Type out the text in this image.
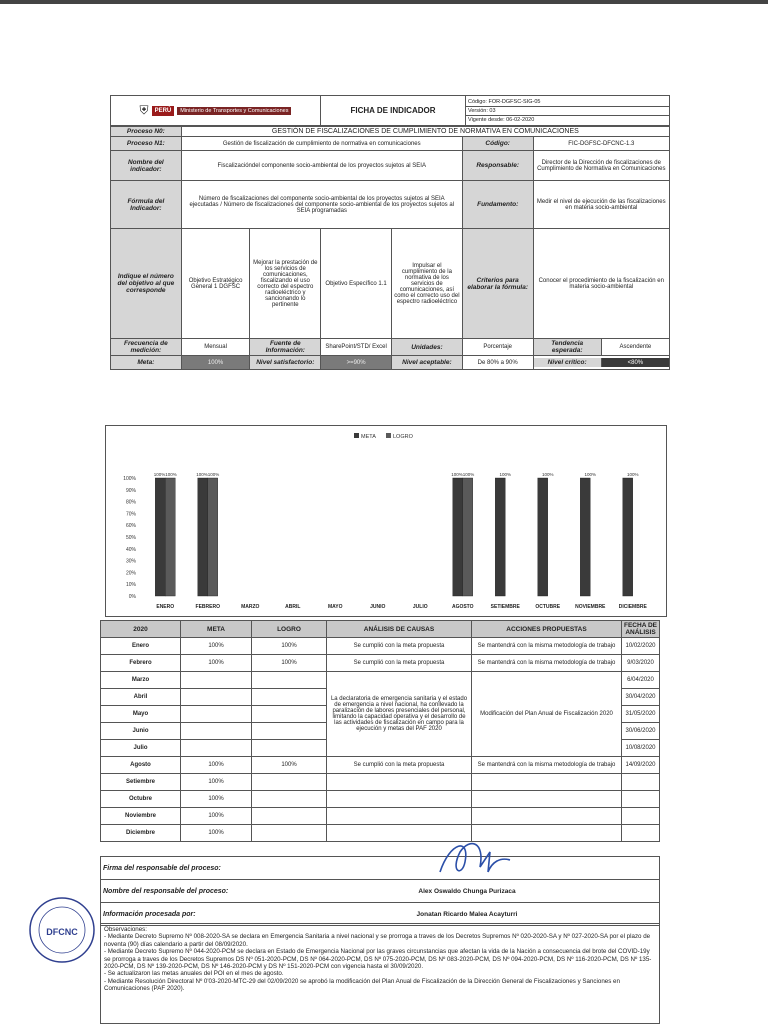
⛨	PERÚ	Ministerio de Transportes y Comunicaciones	FICHA DE INDICADOR	
Código: FOR-DGFSC-SIG-05
Versión: 03
Vigente desde: 06-02-2020
Proceso N0:	GESTIÓN DE FISCALIZACIONES DE CUMPLIMIENTO DE NORMATIVA EN COMUNICACIONES
Proceso N1:	Gestión de fiscalización de cumplimiento de normativa en comunicaciones	Código:	FIC-DGFSC-DFCNC-1.3
Nombre del indicador:	Fiscalizacióndel componente socio-ambiental de los proyectos sujetos al SEIA	Responsable:	Director de la Dirección de fiscalizaciones de Cumplimiento de Normativa en Comunicaciones
Fórmula del Indicador:	Número de fiscalizaciones del componente socio-ambiental de los proyectos sujetos al SEIA ejecutadas / Número de fiscalizaciones del componente socio-ambiental de los proyectos sujetos al SEIA programadas	Fundamento:	Medir el nivel de ejecución de las fiscalizaciones en materia socio-ambiental
Indique el número del objetivo al que corresponde	Objetivo Estratégico General 1 DGFSC	Mejorar la prestación de los servicios de comunicaciones, fiscalizando el uso correcto del espectro radioeléctrico y sancionando lo pertinente	Objetivo Específico 1.1	Impulsar el cumplimiento de la normativa de los servicios de comunicaciones, así como el correcto uso del espectro radioeléctrico	Criterios para elaborar la fórmula:	Conocer el procedimiento de la fiscalización en materia socio-ambiental
Frecuencia de medición:	Mensual	Fuente de Información:	SharePoint/STD/ Excel	Unidades:	Porcentaje		Tendencia esperada:	Ascendente

Meta:	100%	Nivel satisfactorio:	>=90%	Nivel aceptable:	De 80% a 90%		Nivel crítico:	<80%
META	LOGRO
0%
10%
20%
30%
40%
50%
60%
70%
80%
90%
100%
100%100%
ENERO
100%100%
FEBRERO	MARZO	ABRIL	MAYO	JUNIO	JULIO
100%100%
AGOSTO
100%
SETIEMBRE
100%
OCTUBRE
100%
NOVIEMBRE
100%
DICIEMBRE
2020	META	LOGRO	ANÁLISIS DE CAUSAS	ACCIONES PROPUESTAS	FECHA DE ANÁLISIS
Enero	100%	100%	Se cumplió con la meta propuesta	Se mantendrá con la misma metodología de trabajo	10/02/2020
Febrero	100%	100%	Se cumplió con la meta propuesta	Se mantendrá con la misma metodología de trabajo	9/03/2020
Marzo			La declaratoria de emergencia sanitaria y el estado de emergencia a nivel nacional, ha conllevado la paralización de labores presenciales del personal, limitando la capacidad operativa y el desarrollo de las actividades de fiscalización en campo para la ejecución y metas del PAF 2020	Modificación del Plan Anual de Fiscalización 2020	6/04/2020
Abril					30/04/2020
Mayo					31/05/2020
Junio					30/06/2020
Julio					10/08/2020
Agosto	100%	100%	Se cumplió con la meta propuesta	Se mantendrá con la misma metodología de trabajo	14/09/2020
Setiembre	100%				
Octubre	100%				
Noviembre	100%				
Diciembre	100%				
Firma del responsable del proceso:	
Nombre del responsable del proceso:	Alex Oswaldo Chunga Purizaca
Información procesada por:	Jonatan Ricardo Malea Acayturri
DFCNC	Observaciones:
- Mediante Decreto Supremo Nº 008-2020-SA se declara en Emergencia Sanitaria a nivel nacional y se prorroga a traves de los Decretos Supremos Nº 020-2020-SA y Nº 027-2020-SA por el plazo de noventa (90) días calendario a partir del 08/09/2020.
- Mediante Decreto Supremo Nº 044-2020-PCM se declara en Estado de Emergencia Nacional por las graves circunstancias que afectan la vida de la Nación a consecuencia del brote del COVID-19y se prorroga a traves de los Decretos Supremos DS Nº 051-2020-PCM, DS Nº 064-2020-PCM, DS Nº 075-2020-PCM, DS Nº 083-2020-PCM, DS Nº 094-2020-PCM, DS Nº 116-2020-PCM, DS Nº 135-2020-PCM, DS Nº 139-2020-PCM, DS Nº 146-2020-PCM y DS Nº 151-2020-PCM con vigencia hasta el 30/09/2020.
- Se actualizaron las metas anuales del POI en el mes de agosto.
- Mediante Resolución Directoral Nº 0'03-2020-MTC-29 del 02/09/2020 se aprobó la modificación del Plan Anual de Fiscalización de la Dirección General de Fiscalizaciones y Sanciones en Comunicaciones (PAF 2020).
